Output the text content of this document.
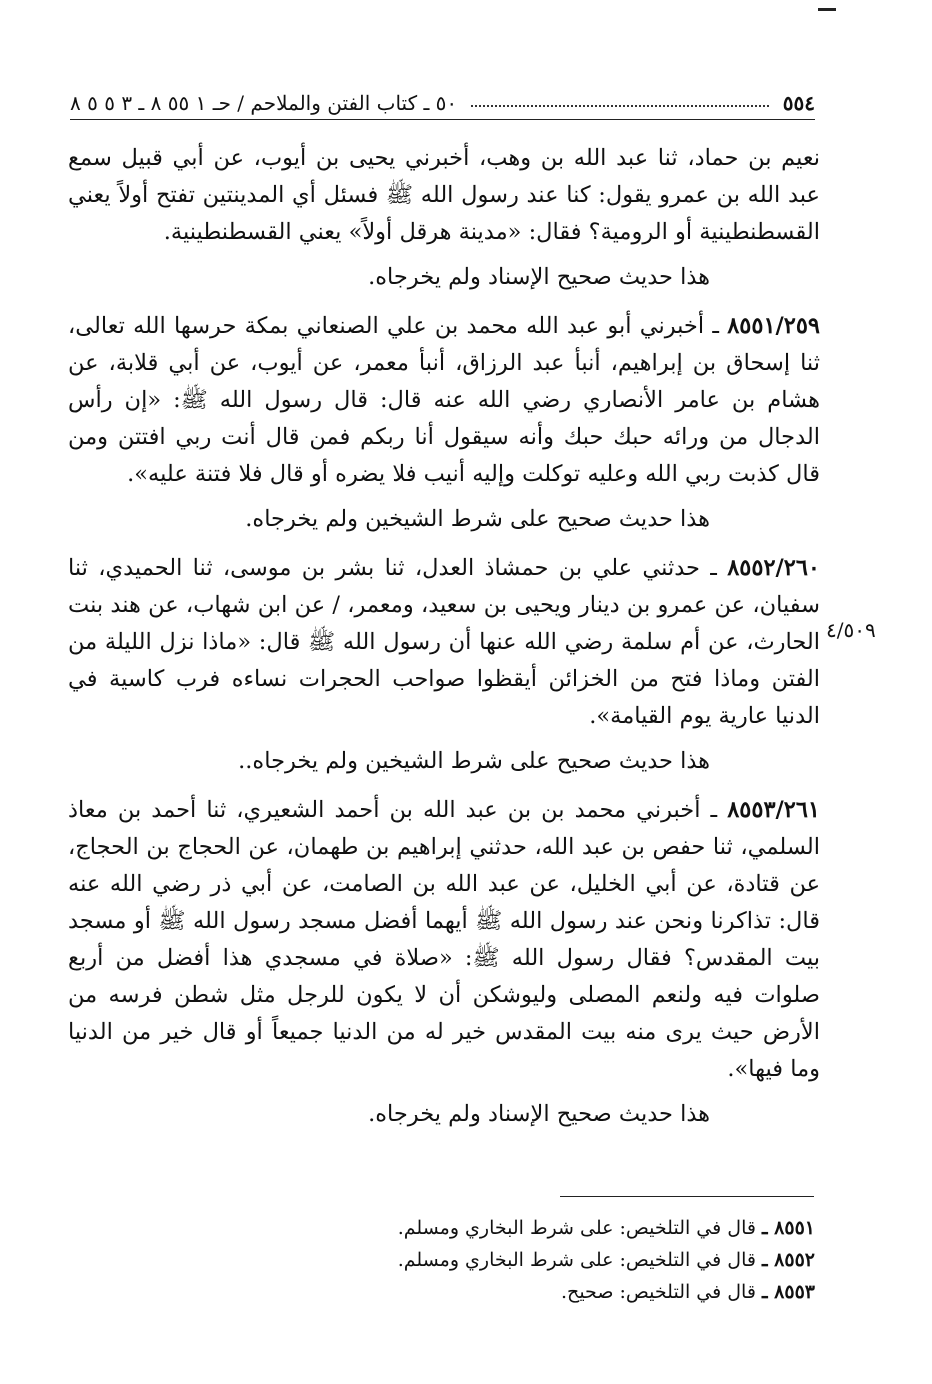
٥٥٤
٥٠ ـ كتاب الفتن والملاحم / حـ ١ ٥٥ ٨ ـ ٣ ٥ ٥ ٨
٤/٥٠٩

نعيم بن حماد، ثنا عبد الله بن وهب، أخبرني يحيى بن أيوب، عن أبي قبيل سمع عبد الله بن عمرو يقول: كنا عند رسول الله ﷺ فسئل أي المدينتين تفتح أولاً يعني القسطنطينية أو الرومية؟ فقال: «مدينة هرقل أولاً» يعني القسطنطينية.

هذا حديث صحيح الإسناد ولم يخرجاه.

٨٥٥١/٢٥٩ ـ أخبرني أبو عبد الله محمد بن علي الصنعاني بمكة حرسها الله تعالى، ثنا إسحاق بن إبراهيم، أنبأ عبد الرزاق، أنبأ معمر، عن أيوب، عن أبي قلابة، عن هشام بن عامر الأنصاري رضي الله عنه قال: قال رسول الله ﷺ: «إن رأس الدجال من ورائه حبك حبك وأنه سيقول أنا ربكم فمن قال أنت ربي افتتن ومن قال كذبت ربي الله وعليه توكلت وإليه أنيب فلا يضره أو قال فلا فتنة عليه».

هذا حديث صحيح على شرط الشيخين ولم يخرجاه.

٨٥٥٢/٢٦٠ ـ حدثني علي بن حمشاذ العدل، ثنا بشر بن موسى، ثنا الحميدي، ثنا سفيان، عن عمرو بن دينار ويحيى بن سعيد، ومعمر، / عن ابن شهاب، عن هند بنت الحارث، عن أم سلمة رضي الله عنها أن رسول الله ﷺ قال: «ماذا نزل الليلة من الفتن وماذا فتح من الخزائن أيقظوا صواحب الحجرات نساءه فرب كاسية في الدنيا عارية يوم القيامة».

هذا حديث صحيح على شرط الشيخين ولم يخرجاه..

٨٥٥٣/٢٦١ ـ أخبرني محمد بن بن عبد الله بن أحمد الشعيري، ثنا أحمد بن معاذ السلمي، ثنا حفص بن عبد الله، حدثني إبراهيم بن طهمان، عن الحجاج بن الحجاج، عن قتادة، عن أبي الخليل، عن عبد الله بن الصامت، عن أبي ذر رضي الله عنه قال: تذاكرنا ونحن عند رسول الله ﷺ أيهما أفضل مسجد رسول الله ﷺ أو مسجد بيت المقدس؟ فقال رسول الله ﷺ: «صلاة في مسجدي هذا أفضل من أربع صلوات فيه ولنعم المصلى وليوشكن أن لا يكون للرجل مثل شطن فرسه من الأرض حيث يرى منه بيت المقدس خير له من الدنيا جميعاً أو قال خير من الدنيا وما فيها».

هذا حديث صحيح الإسناد ولم يخرجاه.

٨٥٥١ ـ قال في التلخيص: على شرط البخاري ومسلم.
٨٥٥٢ ـ قال في التلخيص: على شرط البخاري ومسلم.
٨٥٥٣ ـ قال في التلخيص: صحيح.
